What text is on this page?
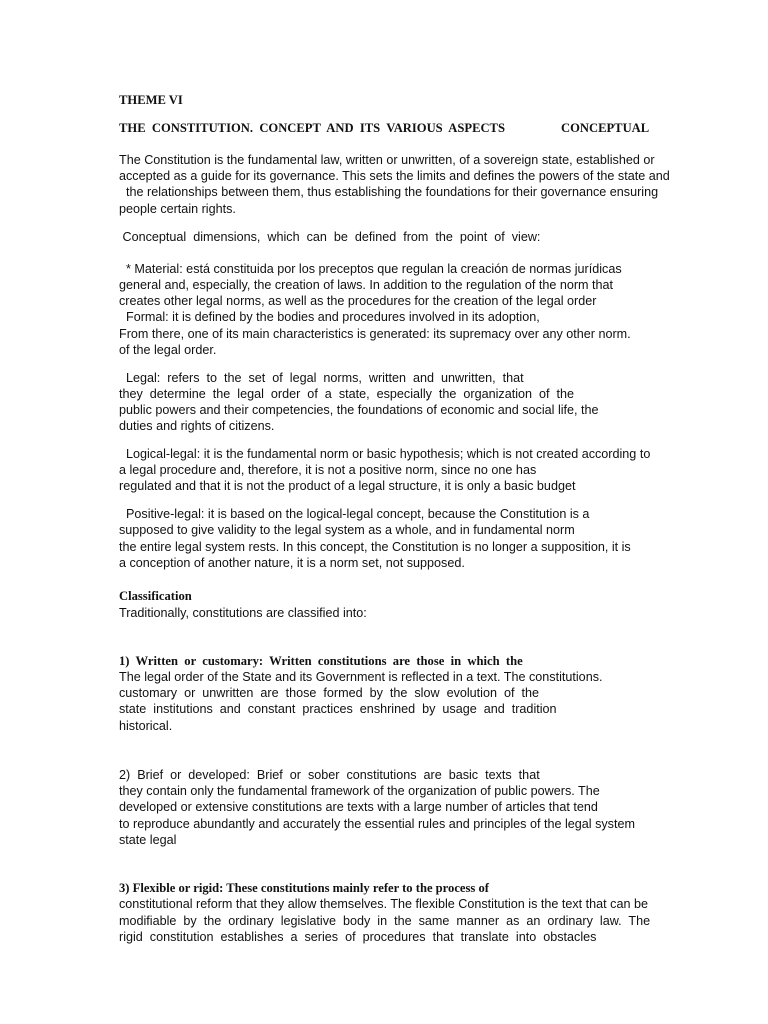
THEME VI
THE  CONSTITUTION.  CONCEPT  AND  ITS  VARIOUS  ASPECTS	CONCEPTUAL
The Constitution is the fundamental law, written or unwritten, of a sovereign state, established or
accepted as a guide for its governance. This sets the limits and defines the powers of the state and
the relationships between them, thus establishing the foundations for their governance ensuring
people certain rights.
Conceptual  dimensions,  which  can  be  defined  from  the  point  of  view:
* Material: está constituida por los preceptos que regulan la creación de normas jurídicas
general and, especially, the creation of laws. In addition to the regulation of the norm that
creates other legal norms, as well as the procedures for the creation of the legal order
Formal: it is defined by the bodies and procedures involved in its adoption,
From there, one of its main characteristics is generated: its supremacy over any other norm.
of the legal order.
Legal:  refers  to  the  set  of  legal  norms,  written  and  unwritten,  that
they  determine  the  legal  order  of  a  state,  especially  the  organization  of  the
public powers and their competencies, the foundations of economic and social life, the
duties and rights of citizens.
Logical-legal: it is the fundamental norm or basic hypothesis; which is not created according to
a legal procedure and, therefore, it is not a positive norm, since no one has
regulated and that it is not the product of a legal structure, it is only a basic budget
Positive-legal: it is based on the logical-legal concept, because the Constitution is a
supposed to give validity to the legal system as a whole, and in fundamental norm
the entire legal system rests. In this concept, the Constitution is no longer a supposition, it is
a conception of another nature, it is a norm set, not supposed.
Classification
Traditionally, constitutions are classified into:
1)  Written  or  customary:  Written  constitutions  are  those  in  which  the
The legal order of the State and its Government is reflected in a text. The constitutions.
customary  or  unwritten  are  those  formed  by  the  slow  evolution  of  the
state  institutions  and  constant  practices  enshrined  by  usage  and  tradition
historical.
2)  Brief  or  developed:  Brief  or  sober  constitutions  are  basic  texts  that
they contain only the fundamental framework of the organization of public powers. The
developed or extensive constitutions are texts with a large number of articles that tend
to reproduce abundantly and accurately the essential rules and principles of the legal system
state legal
3) Flexible or rigid: These constitutions mainly refer to the process of
constitutional reform that they allow themselves. The flexible Constitution is the text that can be
modifiable  by  the  ordinary  legislative  body  in  the  same  manner  as  an  ordinary  law.  The
rigid  constitution  establishes  a  series  of  procedures  that  translate  into  obstacles
